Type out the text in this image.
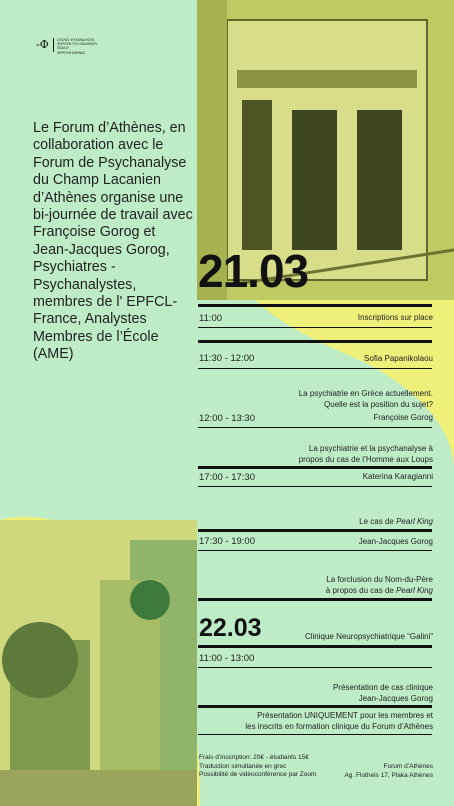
-Φ	ΣΧΟΛΕΣ ΨΥΧΑΝΑΛΥΣΗΣ
ΦΟΡΟΥΜ ΤΟΥ ΛΑΚΑΝΙΚΟΥ ΠΕΔΙΟΥ
ΦΟΡΟΥΜ ΑΘΗΝΑΣ
Le Forum d’Athènes, en collaboration avec le Forum de Psychanalyse du Champ Lacanien d’Athènes organise une bi-journée de travail avec Françoise Gorog et Jean-Jacques Gorog, Psychiatres - Psychanalystes, membres de l' EPFCL- France, Analystes Membres de l’École (AME)
21.03
11:00	Inscriptions sur place
11:30 - 12:00	Sofia Papanikolaou
La psychiatrie en Grèce actuellement.
Quelle est la position du sujet?
12:00 - 13:30	Françoise Gorog
La psychiatrie et la psychanalyse à
propos du cas de l’Homme aux Loups
17:00 - 17:30	Katerina Karagianni
Le cas de Pearl King
17:30 - 19:00	Jean-Jacques Gorog
La forclusion du Nom-du-Père
à propos du cas de Pearl King
22.03	Clinique Neuropsychiatrique “Galini”
11:00 - 13:00
Présentation de cas clinique
Jean-Jacques Gorog
Présentation UNIQUEMENT pour les membres et
les inscrits en formation clinique du Forum d’Athènes
Frais d’inscription: 20€ - étudiants 15€
Traduction simultanée en grec
Possibilité de vidéoconférence par Zoom
Forum d’Athènes
Ag. Flotheis 17, Plaka Athènes
